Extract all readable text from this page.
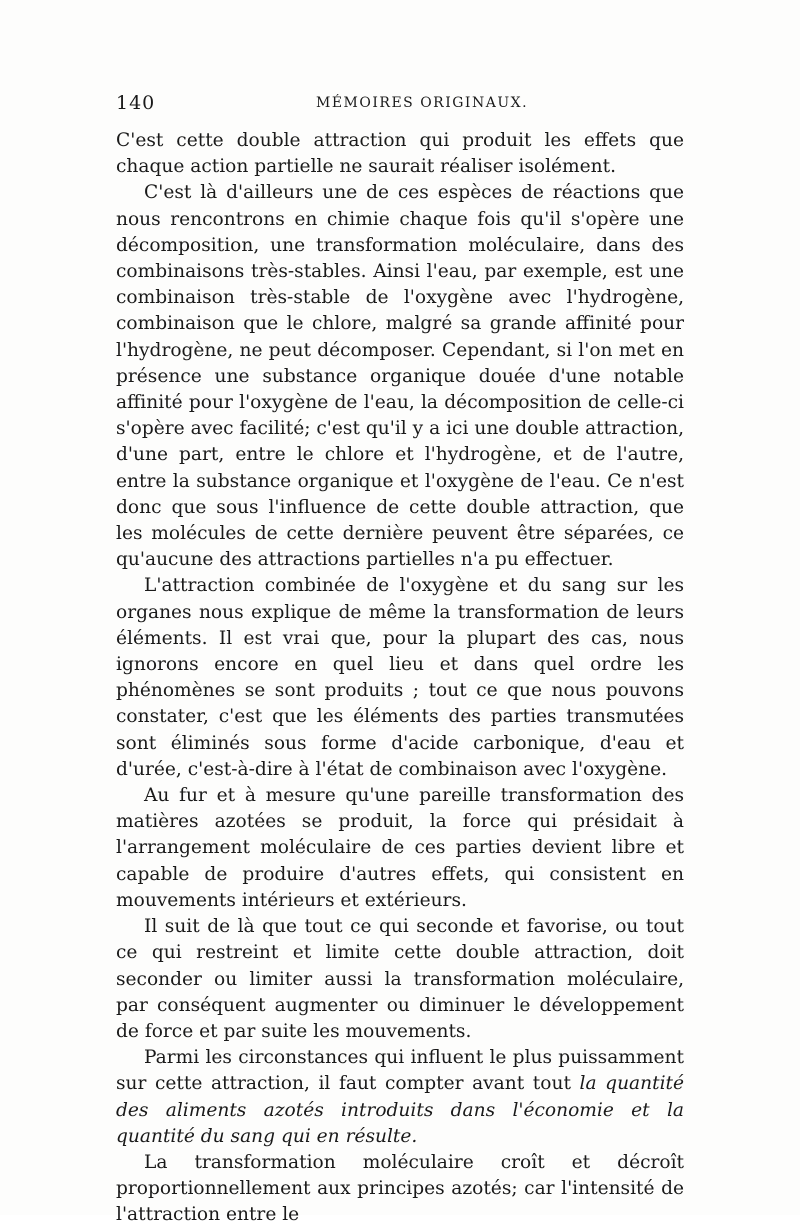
140	MÉMOIRES ORIGINAUX.

C'est cette double attraction qui produit les effets que chaque action partielle ne saurait réaliser isolément.

C'est là d'ailleurs une de ces espèces de réactions que nous rencontrons en chimie chaque fois qu'il s'opère une décomposition, une transformation moléculaire, dans des combinaisons très-stables. Ainsi l'eau, par exemple, est une combinaison très-stable de l'oxygène avec l'hydrogène, combinaison que le chlore, malgré sa grande affinité pour l'hydrogène, ne peut décomposer. Cependant, si l'on met en présence une substance organique douée d'une notable affinité pour l'oxygène de l'eau, la décomposition de celle-ci s'opère avec facilité; c'est qu'il y a ici une double attraction, d'une part, entre le chlore et l'hydrogène, et de l'autre, entre la substance organique et l'oxygène de l'eau. Ce n'est donc que sous l'influence de cette double attraction, que les molécules de cette dernière peuvent être séparées, ce qu'aucune des attractions partielles n'a pu effectuer.

L'attraction combinée de l'oxygène et du sang sur les organes nous explique de même la transformation de leurs éléments. Il est vrai que, pour la plupart des cas, nous ignorons encore en quel lieu et dans quel ordre les phénomènes se sont produits ; tout ce que nous pouvons constater, c'est que les éléments des parties transmutées sont éliminés sous forme d'acide carbonique, d'eau et d'urée, c'est-à-dire à l'état de combinaison avec l'oxygène.

Au fur et à mesure qu'une pareille transformation des matières azotées se produit, la force qui présidait à l'arrangement moléculaire de ces parties devient libre et capable de produire d'autres effets, qui consistent en mouvements intérieurs et extérieurs.

Il suit de là que tout ce qui seconde et favorise, ou tout ce qui restreint et limite cette double attraction, doit seconder ou limiter aussi la transformation moléculaire, par conséquent augmenter ou diminuer le développement de force et par suite les mouvements.

Parmi les circonstances qui influent le plus puissamment sur cette attraction, il faut compter avant tout la quantité des aliments azotés introduits dans l'économie et la quantité du sang qui en résulte.

La transformation moléculaire croît et décroît proportionnellement aux principes azotés; car l'intensité de l'attraction entre le
